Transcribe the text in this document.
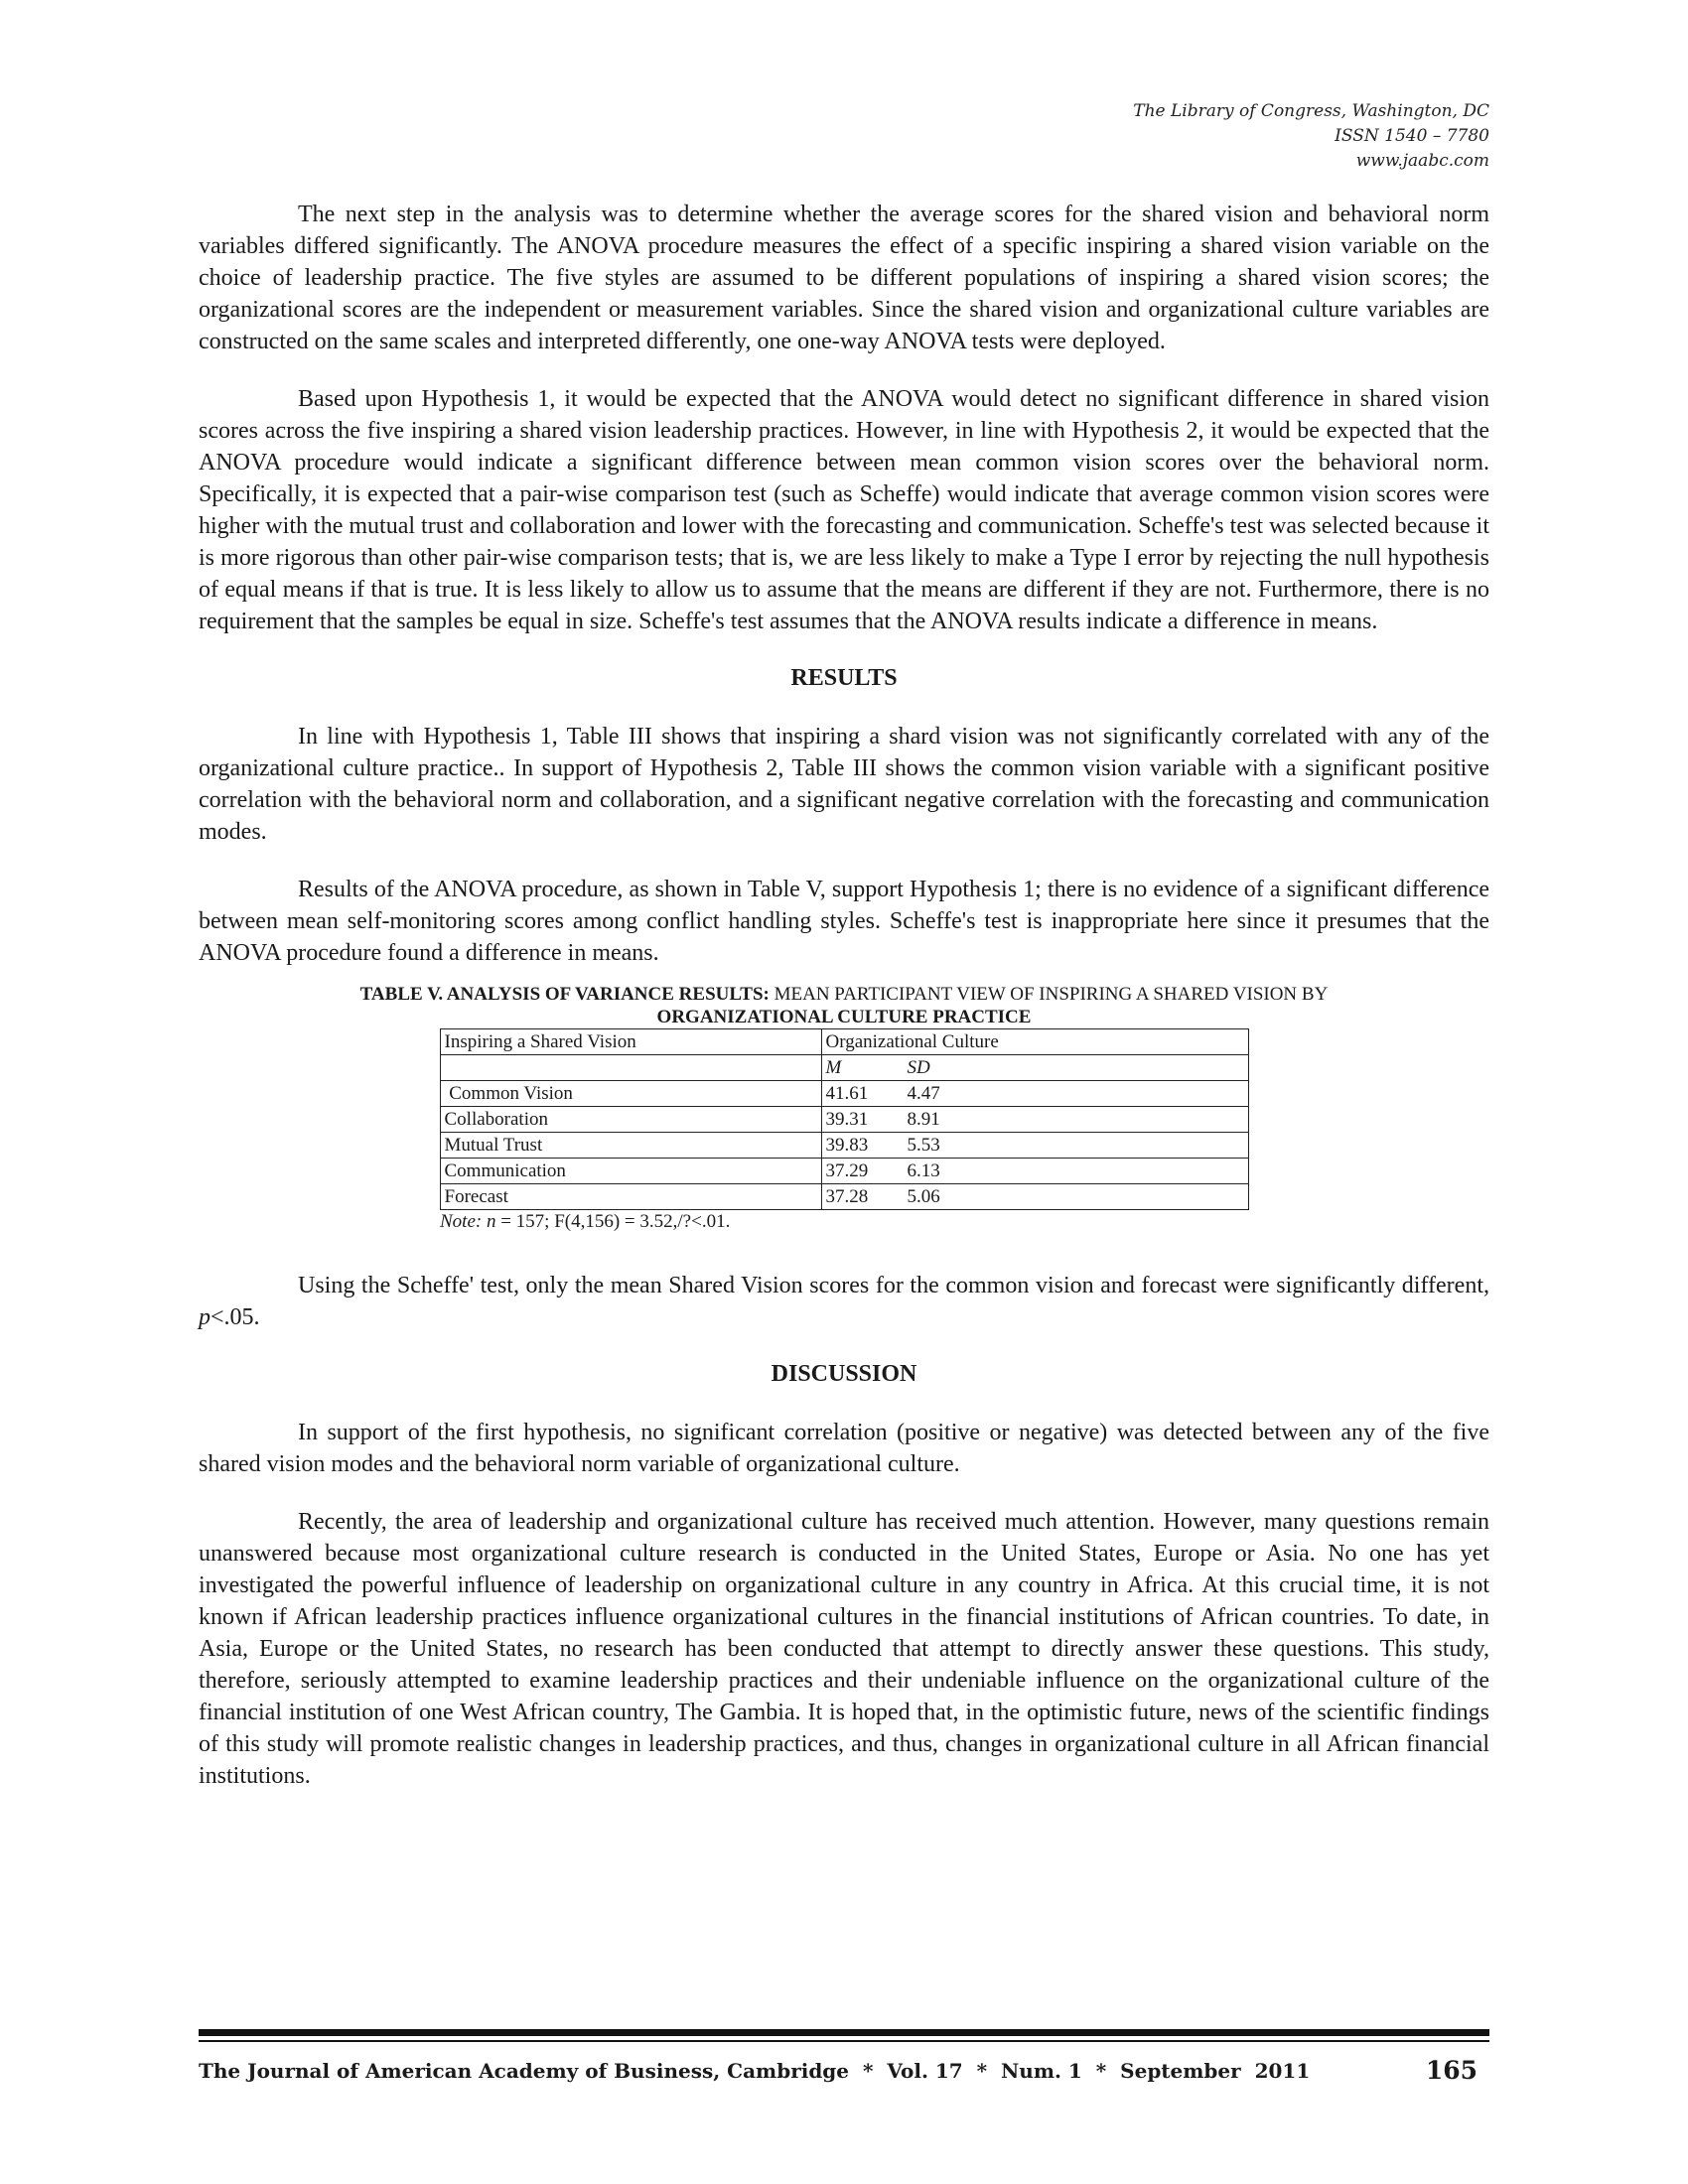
The Library of Congress, Washington, DC
ISSN 1540 – 7780
www.jaabc.com

The next step in the analysis was to determine whether the average scores for the shared vision and behavioral norm variables differed significantly. The ANOVA procedure measures the effect of a specific inspiring a shared vision variable on the choice of leadership practice. The five styles are assumed to be different populations of inspiring a shared vision scores; the organizational scores are the independent or measurement variables. Since the shared vision and organizational culture variables are constructed on the same scales and interpreted differently, one one-way ANOVA tests were deployed.

Based upon Hypothesis 1, it would be expected that the ANOVA would detect no significant difference in shared vision scores across the five inspiring a shared vision leadership practices. However, in line with Hypothesis 2, it would be expected that the ANOVA procedure would indicate a significant difference between mean common vision scores over the behavioral norm. Specifically, it is expected that a pair-wise comparison test (such as Scheffe) would indicate that average common vision scores were higher with the mutual trust and collaboration and lower with the forecasting and communication. Scheffe's test was selected because it is more rigorous than other pair-wise comparison tests; that is, we are less likely to make a Type I error by rejecting the null hypothesis of equal means if that is true. It is less likely to allow us to assume that the means are different if they are not. Furthermore, there is no requirement that the samples be equal in size. Scheffe's test assumes that the ANOVA results indicate a difference in means.

RESULTS

In line with Hypothesis 1, Table III shows that inspiring a shard vision was not significantly correlated with any of the organizational culture practice.. In support of Hypothesis 2, Table III shows the common vision variable with a significant positive correlation with the behavioral norm and collaboration, and a significant negative correlation with the forecasting and communication modes.

Results of the ANOVA procedure, as shown in Table V, support Hypothesis 1; there is no evidence of a significant difference between mean self-monitoring scores among conflict handling styles. Scheffe's test is inappropriate here since it presumes that the ANOVA procedure found a difference in means.

TABLE V. ANALYSIS OF VARIANCE RESULTS: MEAN PARTICIPANT VIEW OF INSPIRING A SHARED VISION BY
ORGANIZATIONAL CULTURE PRACTICE
Inspiring a Shared Vision	Organizational Culture
	M SD
Common Vision	41.61 4.47
Collaboration	39.31 8.91
Mutual Trust	39.83 5.53
Communication	37.29 6.13
Forecast	37.28 5.06
Note: n = 157; F(4,156) = 3.52,/?<.01.

Using the Scheffe' test, only the mean Shared Vision scores for the common vision and forecast were significantly different, p<.05.

DISCUSSION

In support of the first hypothesis, no significant correlation (positive or negative) was detected between any of the five shared vision modes and the behavioral norm variable of organizational culture.

Recently, the area of leadership and organizational culture has received much attention. However, many questions remain unanswered because most organizational culture research is conducted in the United States, Europe or Asia. No one has yet investigated the powerful influence of leadership on organizational culture in any country in Africa. At this crucial time, it is not known if African leadership practices influence organizational cultures in the financial institutions of African countries. To date, in Asia, Europe or the United States, no research has been conducted that attempt to directly answer these questions. This study, therefore, seriously attempted to examine leadership practices and their undeniable influence on the organizational culture of the financial institution of one West African country, The Gambia. It is hoped that, in the optimistic future, news of the scientific findings of this study will promote realistic changes in leadership practices, and thus, changes in organizational culture in all African financial institutions.

The Journal of American Academy of Business, Cambridge  *  Vol. 17  *  Num. 1  *  September  2011	165
